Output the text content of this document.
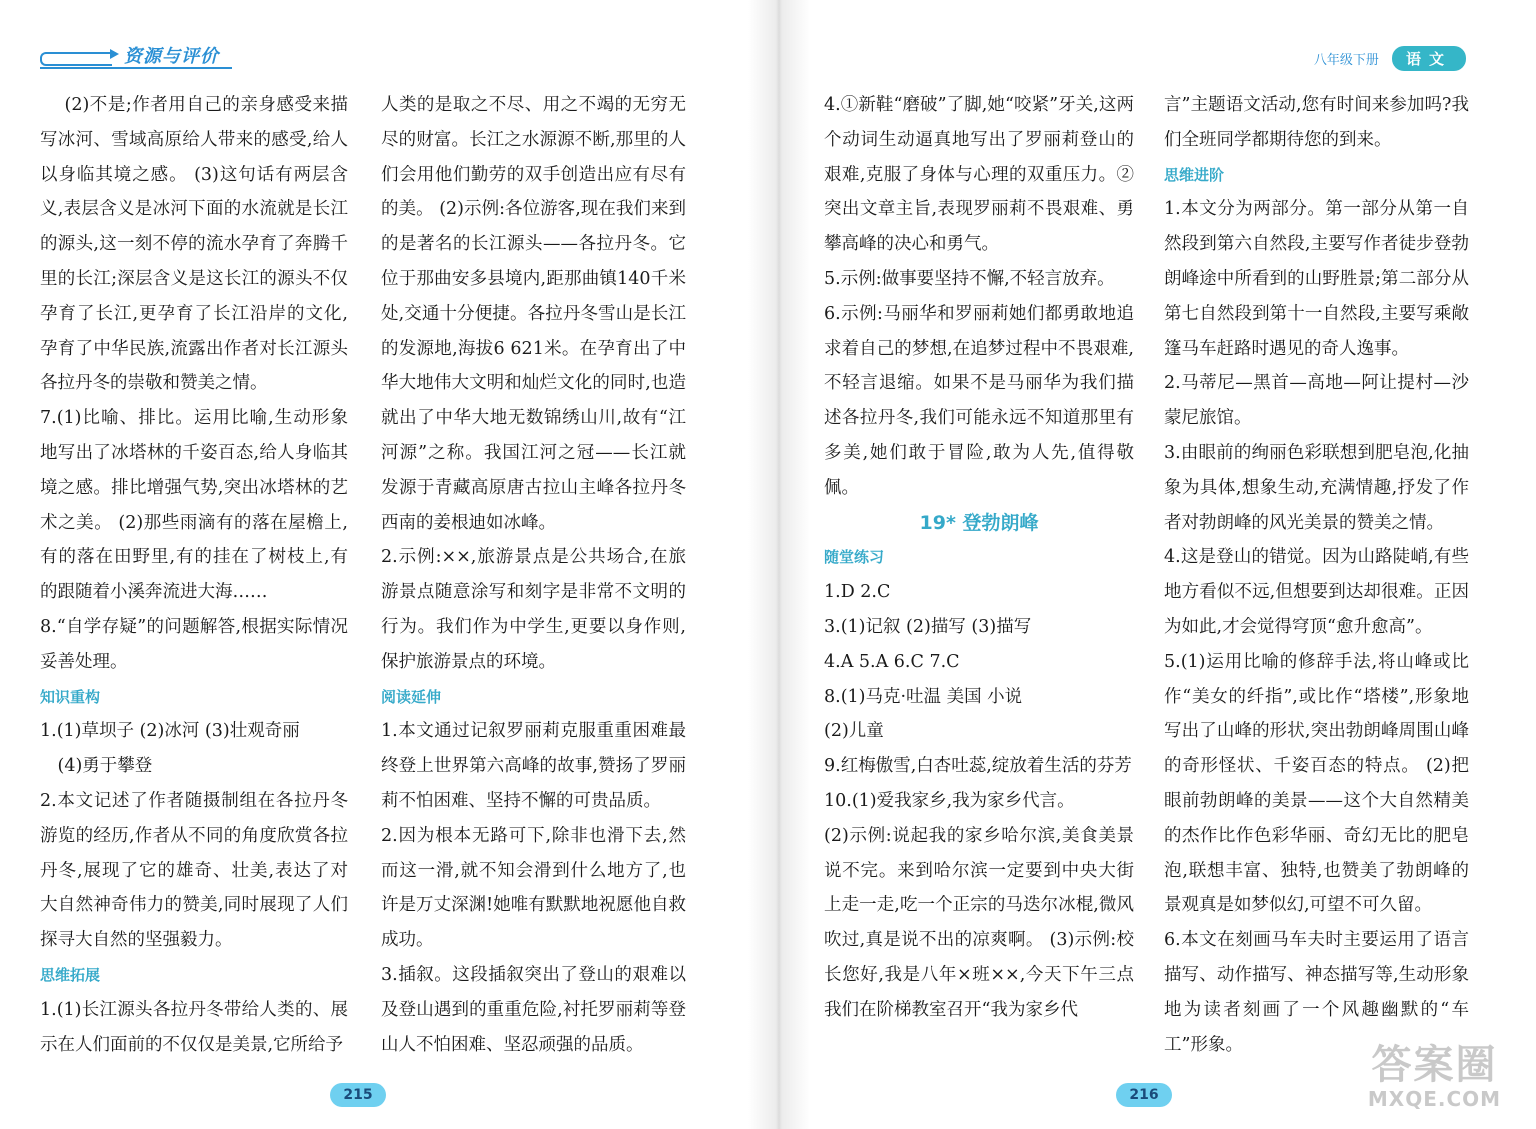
资源与评价	八年级下册 语文

(2)不是;作者用自己的亲身感受来描写冰河、雪域高原给人带来的感受,给人以身临其境之感。 (3)这句话有两层含义,表层含义是冰河下面的水流就是长江的源头,这一刻不停的流水孕育了奔腾千里的长江;深层含义是这长江的源头不仅孕育了长江,更孕育了长江沿岸的文化,孕育了中华民族,流露出作者对长江源头各拉丹冬的崇敬和赞美之情。

7.(1)比喻、排比。运用比喻,生动形象地写出了冰塔林的千姿百态,给人身临其境之感。排比增强气势,突出冰塔林的艺术之美。 (2)那些雨滴有的落在屋檐上,有的落在田野里,有的挂在了树枝上,有的跟随着小溪奔流进大海……

8.“自学存疑”的问题解答,根据实际情况妥善处理。

知识重构

1.(1)草坝子 (2)冰河 (3)壮观奇丽

(4)勇于攀登

2.本文记述了作者随摄制组在各拉丹冬游览的经历,作者从不同的角度欣赏各拉丹冬,展现了它的雄奇、壮美,表达了对大自然神奇伟力的赞美,同时展现了人们探寻大自然的坚强毅力。

思维拓展

1.(1)长江源头各拉丹冬带给人类的、展示在人们面前的不仅仅是美景,它所给予

人类的是取之不尽、用之不竭的无穷无尽的财富。长江之水源源不断,那里的人们会用他们勤劳的双手创造出应有尽有的美。 (2)示例:各位游客,现在我们来到的是著名的长江源头——各拉丹冬。它位于那曲安多县境内,距那曲镇140千米处,交通十分便捷。各拉丹冬雪山是长江的发源地,海拔6 621米。在孕育出了中华大地伟大文明和灿烂文化的同时,也造就出了中华大地无数锦绣山川,故有“江河源”之称。我国江河之冠——长江就发源于青藏高原唐古拉山主峰各拉丹冬西南的姜根迪如冰峰。

2.示例:××,旅游景点是公共场合,在旅游景点随意涂写和刻字是非常不文明的行为。我们作为中学生,更要以身作则,保护旅游景点的环境。

阅读延伸

1.本文通过记叙罗丽莉克服重重困难最终登上世界第六高峰的故事,赞扬了罗丽莉不怕困难、坚持不懈的可贵品质。

2.因为根本无路可下,除非也滑下去,然而这一滑,就不知会滑到什么地方了,也许是万丈深渊!她唯有默默地祝愿他自救成功。

3.插叙。这段插叙突出了登山的艰难以及登山遇到的重重危险,衬托罗丽莉等登山人不怕困难、坚忍顽强的品质。

4.①新鞋“磨破”了脚,她“咬紧”牙关,这两个动词生动逼真地写出了罗丽莉登山的艰难,克服了身体与心理的双重压力。②突出文章主旨,表现罗丽莉不畏艰难、勇攀高峰的决心和勇气。

5.示例:做事要坚持不懈,不轻言放弃。

6.示例:马丽华和罗丽莉她们都勇敢地追求着自己的梦想,在追梦过程中不畏艰难,不轻言退缩。如果不是马丽华为我们描述各拉丹冬,我们可能永远不知道那里有多美,她们敢于冒险,敢为人先,值得敬佩。

19* 登勃朗峰

随堂练习

1.D 2.C

3.(1)记叙 (2)描写 (3)描写

4.A 5.A 6.C 7.C

8.(1)马克·吐温 美国 小说

(2)儿童

9.红梅傲雪,白杏吐蕊,绽放着生活的芬芳

10.(1)爱我家乡,我为家乡代言。

(2)示例:说起我的家乡哈尔滨,美食美景说不完。来到哈尔滨一定要到中央大街上走一走,吃一个正宗的马迭尔冰棍,微风吹过,真是说不出的凉爽啊。 (3)示例:校长您好,我是八年×班××,今天下午三点我们在阶梯教室召开“我为家乡代

言”主题语文活动,您有时间来参加吗?我们全班同学都期待您的到来。

思维进阶

1.本文分为两部分。第一部分从第一自然段到第六自然段,主要写作者徒步登勃朗峰途中所看到的山野胜景;第二部分从第七自然段到第十一自然段,主要写乘敞篷马车赶路时遇见的奇人逸事。

2.马蒂尼—黑首—高地—阿让提村—沙蒙尼旅馆。

3.由眼前的绚丽色彩联想到肥皂泡,化抽象为具体,想象生动,充满情趣,抒发了作者对勃朗峰的风光美景的赞美之情。

4.这是登山的错觉。因为山路陡峭,有些地方看似不远,但想要到达却很难。正因为如此,才会觉得穹顶“愈升愈高”。

5.(1)运用比喻的修辞手法,将山峰或比作“美女的纤指”,或比作“塔楼”,形象地写出了山峰的形状,突出勃朗峰周围山峰的奇形怪状、千姿百态的特点。 (2)把眼前勃朗峰的美景——这个大自然精美的杰作比作色彩华丽、奇幻无比的肥皂泡,联想丰富、独特,也赞美了勃朗峰的景观真是如梦似幻,可望不可久留。

6.本文在刻画马车夫时主要运用了语言描写、动作描写、神态描写等,生动形象地为读者刻画了一个风趣幽默的“车工”形象。

215	216
答案圈
MXQE.COM
